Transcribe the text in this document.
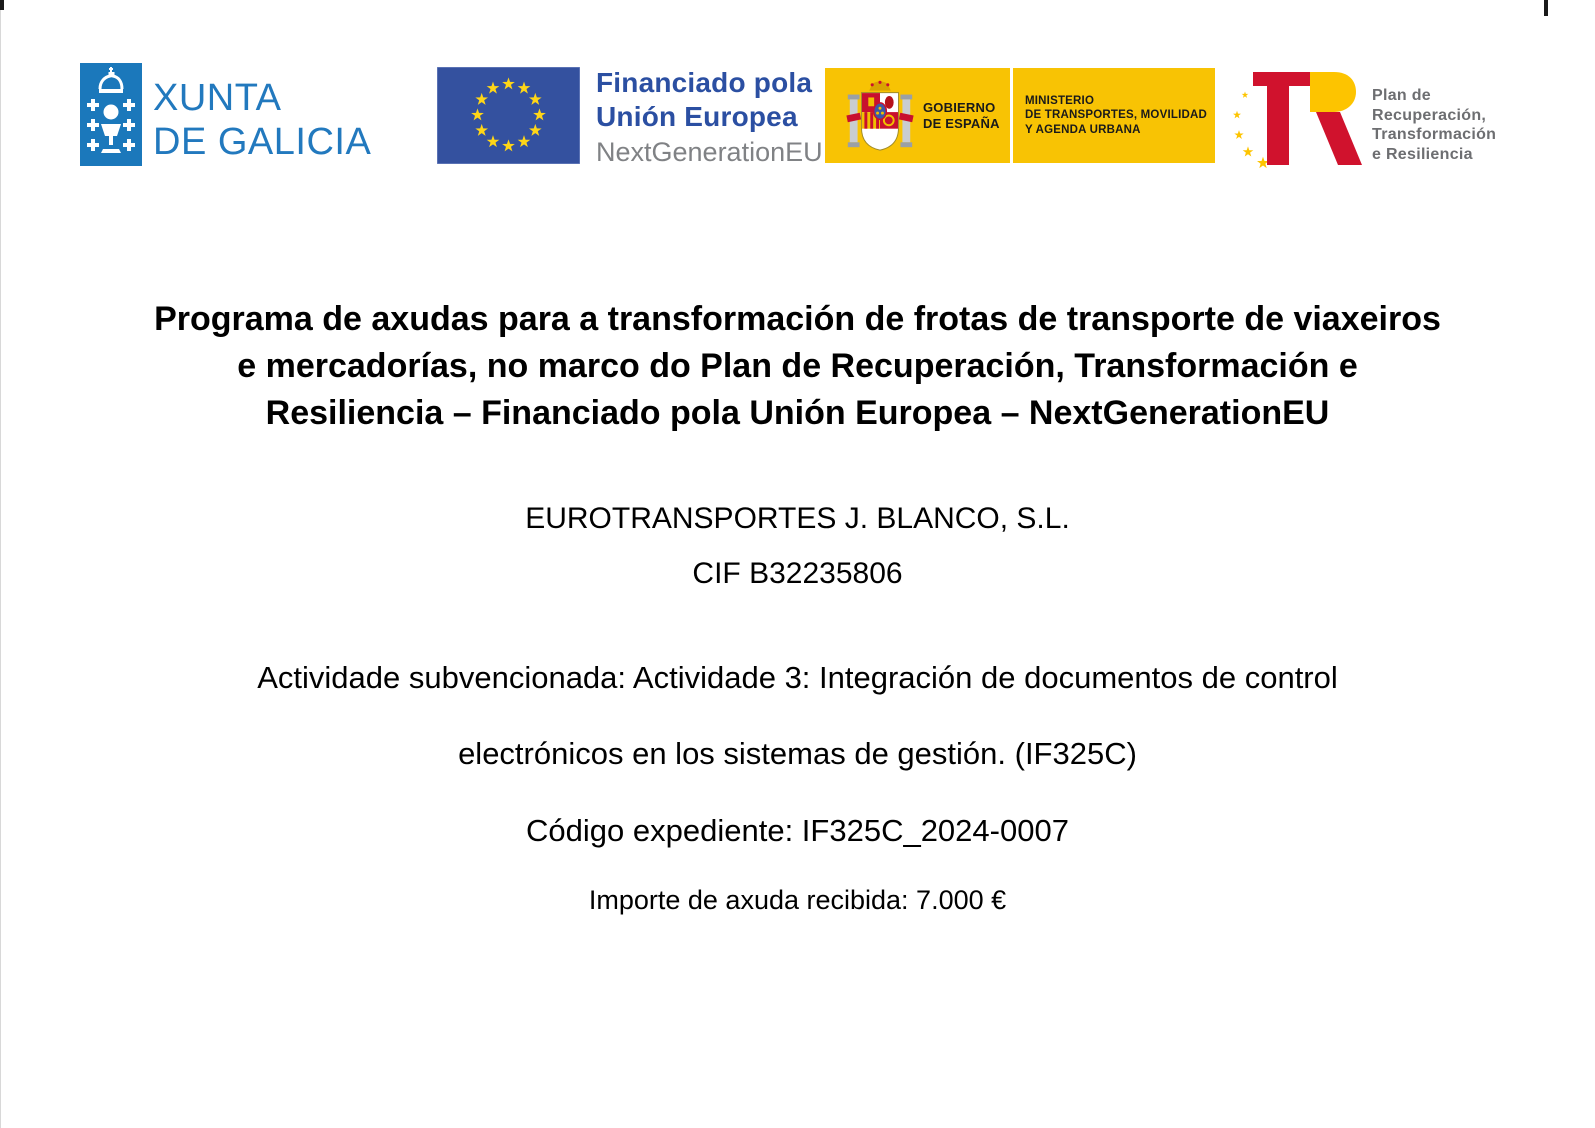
XUNTA
DE GALICIA
Financiado pola
Unión Europea
NextGenerationEU
GOBIERNO
DE ESPAÑA
MINISTERIO
DE TRANSPORTES, MOVILIDAD
Y AGENDA URBANA
Plan de
Recuperación,
Transformación
e Resiliencia
Programa de axudas para a transformación de frotas de transporte de viaxeiros
e mercadorías, no marco do Plan de Recuperación, Transformación e
Resiliencia – Financiado pola Unión Europea – NextGenerationEU
EUROTRANSPORTES J. BLANCO, S.L.
CIF B32235806
Actividade subvencionada: Actividade 3: Integración de documentos de control
electrónicos en los sistemas de gestión. (IF325C)
Código expediente: IF325C_2024-0007
Importe de axuda recibida: 7.000 €
